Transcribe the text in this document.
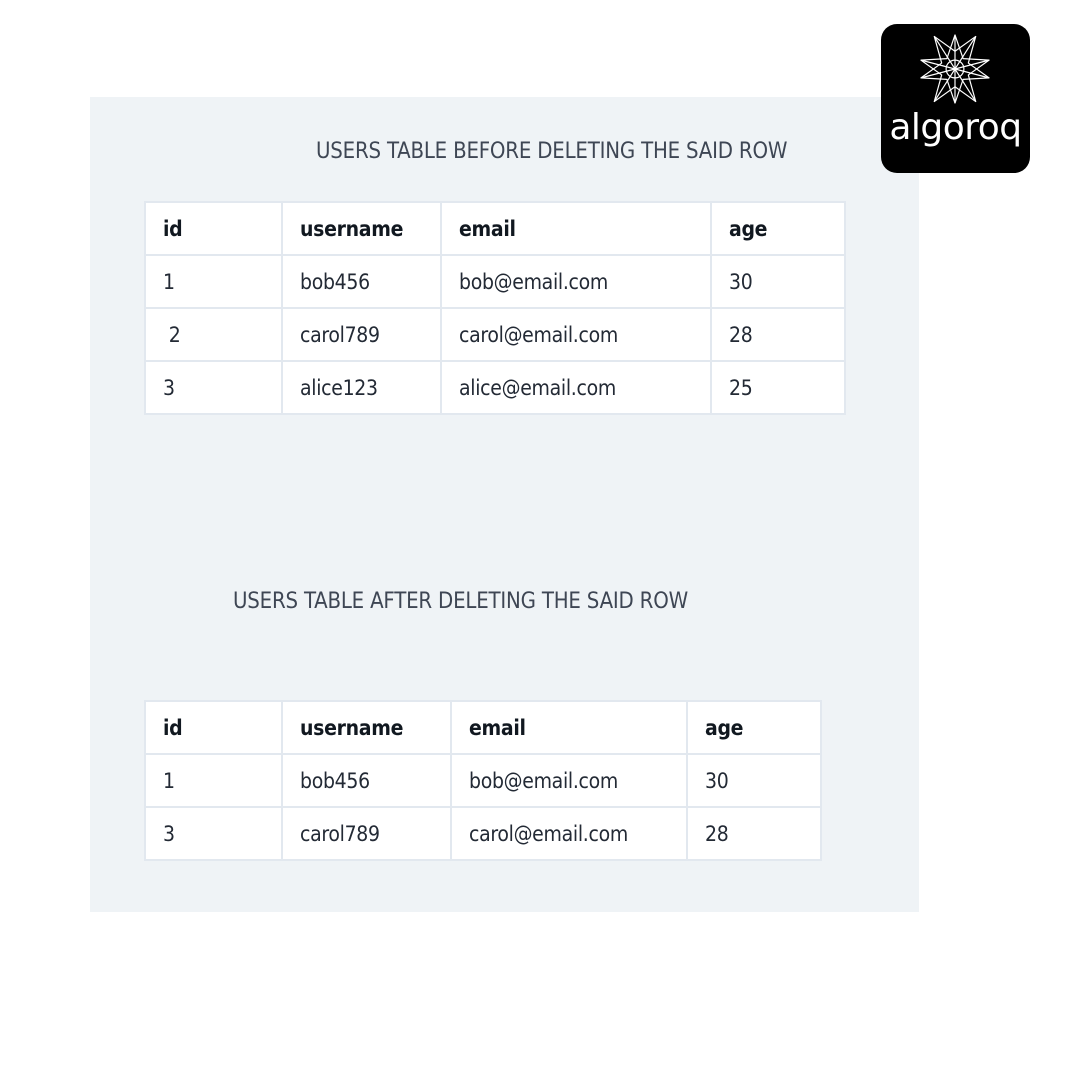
USERS TABLE BEFORE DELETING THE SAID ROW
id	username	email	age
1	bob456	bob@email.com	30
2	carol789	carol@email.com	28
3	alice123	alice@email.com	25
USERS TABLE AFTER DELETING THE SAID ROW
id	username	email	age
1	bob456	bob@email.com	30
3	carol789	carol@email.com	28
algoroq
